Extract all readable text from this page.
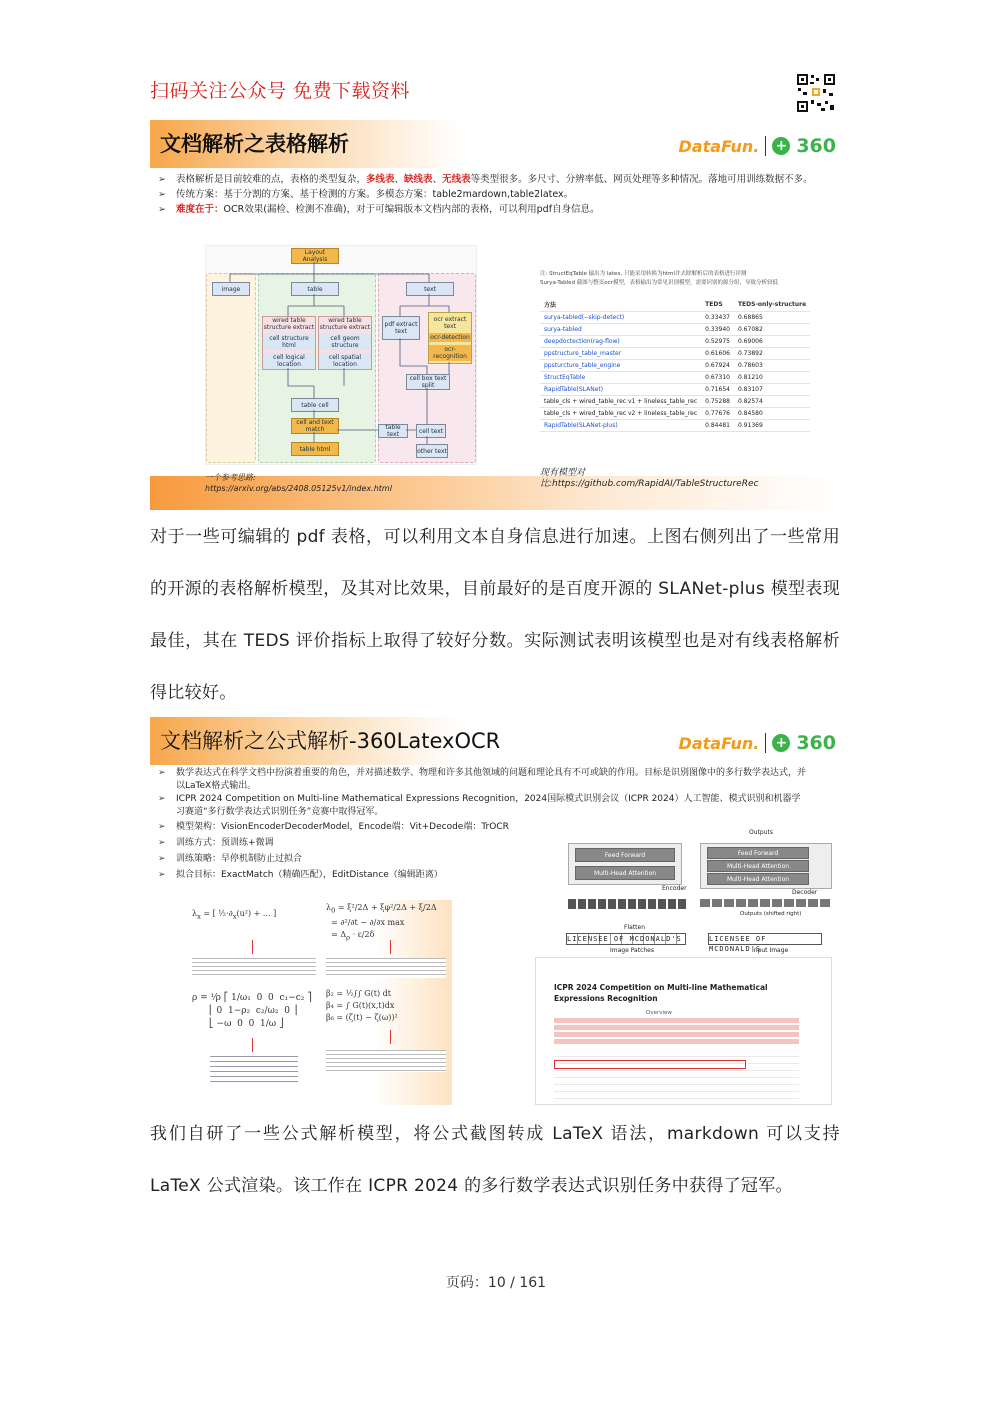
扫码关注公众号 免费下载资料
文档解析之表格解析	DataFun. + 360
➢ 表格解析是目前较难的点，表格的类型复杂，多线表、缺线表、无线表等类型很多。多尺寸、分辨率低、网页处理等多种情况。落地可用训练数据不多。
➢ 传统方案：基于分割的方案、基于检测的方案。多模态方案：table2mardown,table2latex。
➢ 难度在于：OCR效果(漏检、检测不准确)，对于可编辑版本文档内部的表格，可以利用pdf自身信息。
Layout Analysis
image	table	text
wired table structure extract
cell structure html
cell logical location
wired table structure extract
cell geom structure
cell spatial location
pdf extract text
ocr extract text
ocr-detection
ocr-recognition
cell box text split
table cell
cell and text match
table html
table text	cell text
other text
注: StructEqTable 输出为 latex, 只能采用转换为html并去除解析后的表格进行评测
Surya-Tabled 截图与整页ocr模型，表格输出为常见识别模型，需要识别的源分组，导致分析较低
方法	TEDS	TEDS-only-structure
surya-tabled(--skip-detect)	0.33437	0.68865
surya-tabled	0.33940	0.67082
deepdoctection(rag-flow)	0.52975	0.69006
ppstructure_table_master	0.61606	0.73892
ppsturcture_table_engine	0.67924	0.78603
StructEqTable	0.67310	0.81210
RapidTable(SLANet)	0.71654	0.83107
table_cls + wired_table_rec v1 + lineless_table_rec	0.75288	0.82574
table_cls + wired_table_rec v2 + lineless_table_rec	0.77676	0.84580
RapidTable(SLANet-plus)	0.84481	0.91369
一个参考思路:
https://arxiv.org/abs/2408.05125v1/index.html
现有模型对
比:https://github.com/RapidAI/TableStructureRec
对于一些可编辑的 pdf 表格，可以利用文本自身信息进行加速。上图右侧列出了一些常用的开源的表格解析模型，及其对比效果，目前最好的是百度开源的 SLANet-plus 模型表现最佳，其在 TEDS 评价指标上取得了较好分数。实际测试表明该模型也是对有线表格解析得比较好。
文档解析之公式解析-360LatexOCR	DataFun. + 360
➢ 数学表达式在科学文档中扮演着重要的角色，并对描述数学、物理和许多其他领域的问题和理论具有不可或缺的作用。目标是识别图像中的多行数学表达式，并以LaTeX格式输出。
➢ ICPR 2024 Competition on Multi-line Mathematical Expressions Recognition，2024国际模式识别会议（ICPR 2024）人工智能、模式识别和机器学习赛道“多行数学表达式识别任务”竞赛中取得冠军。
➢ 模型架构：VisionEncoderDecoderModel，Encode端：Vit+Decode端：TrOCR
➢ 训练方式：预训练+微调
➢ 训练策略：早停机制防止过拟合
➢ 拟合目标：ExactMatch（精确匹配），EditDistance（编辑距离）
$\lambda_x$ = [ $\frac{1}{2}\cdot\partial_x(u^2)$ + ... ]
$\lambda_0 = \xi^2/2\Delta + \xi\varphi^2/2\Delta + \xi/2\Delta$
= ∂²/∂t − ∂/∂x max
= $\Delta_\rho \cdot \varepsilon/2\delta$
ρ = ¹⁄ρ ⎡ 1/ω₁  0  0  c₁−c₂ ⎤
⎢ 0  1−ρ₂  c₂/ω₂  0 ⎥
⎣ −ω  0  0  1/ω ⎦
β₂ = ½∫∫ G(t) dt
β₄ = ∫ G(t)(x,t)dx
β₆ = (ζ(t) − ζ(ω))²
Outputs
Feed Forward
Multi-Head Attention
Encoder
Feed Forward
Multi-Head Attention
Multi-Head Attention
Decoder
Outputs (shifted right)
Flatten
LICENSEE OF MCDONALD'S	LICENSEE OF MCDONALD'S
Image Patches	Input Image
ICPR 2024 Competition on Multi-line Mathematical Expressions Recognition
Overview
我们自研了一些公式解析模型，将公式截图转成 LaTeX 语法，markdown 可以支持 LaTeX 公式渲染。该工作在 ICPR 2024 的多行数学表达式识别任务中获得了冠军。
页码：10 / 161
